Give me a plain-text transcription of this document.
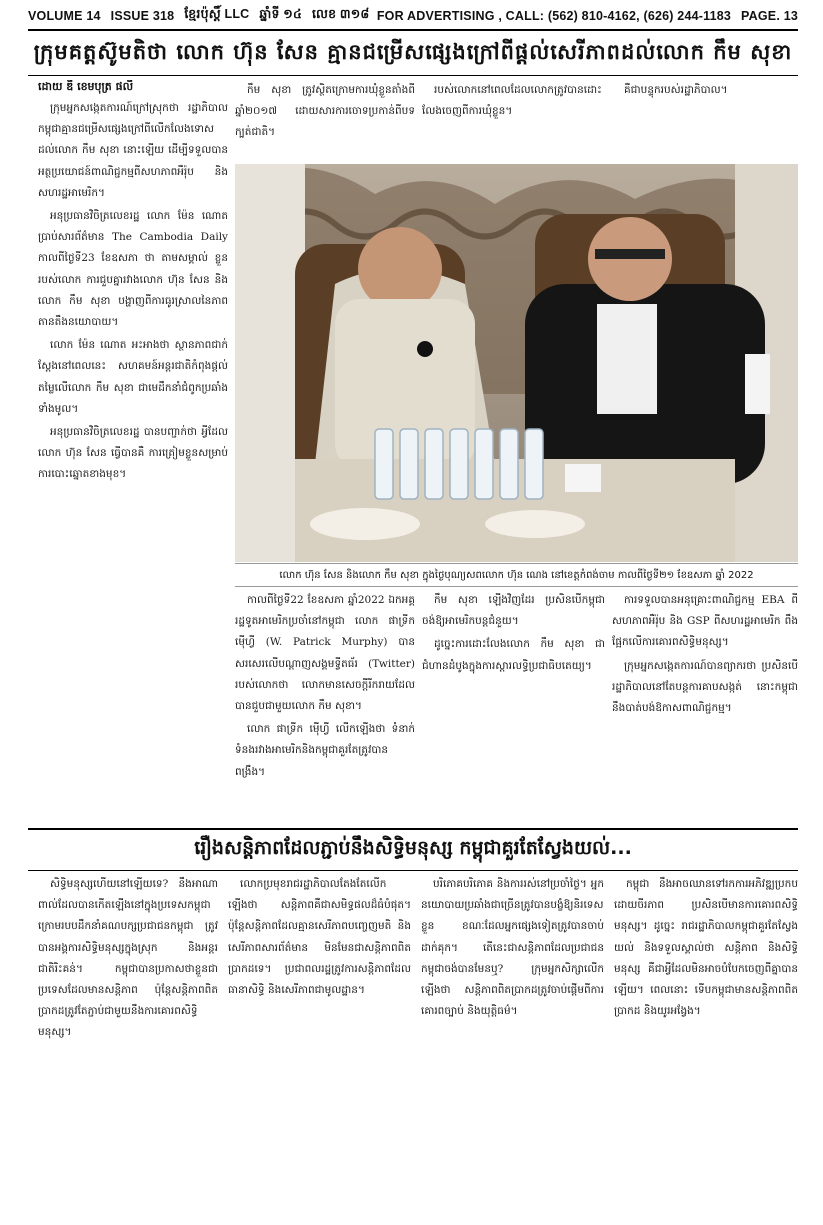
VOLUME 14 ISSUE 318 ខ្មែរប៉ុស្ដិ៍ LLC ឆ្នាំទី ១៤ លេខ ៣១៨ FOR ADVERTISING , CALL: (562) 810-4162, (626) 244-1183 PAGE. 13
ក្រុមគត្តស៊ូមតិថា លោក ហ៊ុន សែន គ្មានជម្រើសផ្សេងក្រៅពីផ្ដល់សេរីភាពដល់លោក កឹម សុខា
ដោយ ឌី ខេមបុត្រ ផលី

ក្រុមអ្នកសង្កេតការណ៍ក្រៅស្រុកថា រដ្ឋាភិបាលកម្ពុជាគ្មានជម្រើសផ្សេងក្រៅពីលើកលែងទោសដល់លោក កឹម សុខា នោះឡើយ ដើម្បីទទួលបានអត្ថប្រយោជន៍ពាណិជ្ជកម្មពីសហភាពអឺរ៉ុប និងសហរដ្ឋអាមេរិក។

អនុប្រធានវិចិត្រលេខរដ្ឋ លោក ម៉ែន ណោត ប្រាប់សារព័ត៌មាន The Cambodia Daily កាលពីថ្ងៃទី23 ខែឧសភា ថា តាមសម្គាល់ ខ្លួនរបស់លោក ការជួបគ្នារវាងលោក ហ៊ុន សែន និងលោក កឹម សុខា បង្ហាញពីការធូរស្រាលនៃភាពតានតឹងនយោបាយ។

លោក ម៉ែន ណោត អះអាងថា ស្ថានភាពជាក់ស្ដែងនៅពេលនេះ សហគមន៍អន្តរជាតិកំពុងផ្ដល់តម្លៃលើលោក កឹម សុខា ជាមេដឹកនាំជំពូកប្រឆាំងទាំងមូល។

អនុប្រធានវិចិត្រលេខរដ្ឋ បានបញ្ជាក់ថា អ្វីដែលលោក ហ៊ុន សែន ធ្វើបានគឺ ការត្រៀមខ្លួនសម្រាប់ការបោះឆ្នោតខាងមុខ។

កឹម សុខា ត្រូវស្ថិតក្រោមការឃុំខ្លួនតាំងពីឆ្នាំ២០១៧ ដោយសារការចោទប្រកាន់ពីបទក្បត់ជាតិ។

របស់លោកនៅពេលដែលលោកត្រូវបានដោះលែងចេញពីការឃុំខ្លួន។

គឺជាបន្ទុករបស់រដ្ឋាភិបាល។

លោក ហ៊ុន សែន និងលោក កឹម សុខា ក្នុងថ្ងៃបុណ្យសពលោក ហ៊ុន ណេង នៅខេត្តកំពង់ចាម កាលពីថ្ងៃទី២១ ខែឧសភា ឆ្នាំ 2022

កាលពីថ្ងៃទី22 ខែឧសភា ឆ្នាំ2022 ឯកអគ្គរដ្ឋទូតអាមេរិកប្រចាំនៅកម្ពុជា លោក ផាទ្រីក ម៉ើហ្វី (W. Patrick Murphy) បានសរសេរលើបណ្ដាញសង្គមទ្វីតធ័រ (Twitter) របស់លោកថា លោកមានសេចក្ដីរីករាយដែលបានជួបជាមួយលោក កឹម សុខា។

លោក ផាទ្រីក ម៉ើហ្វី លើកឡើងថា ទំនាក់ទំនងរវាងអាមេរិកនិងកម្ពុជាគួរតែត្រូវបានពង្រឹង។

កឹម សុខា ឡើងវិញដែរ ប្រសិនបើកម្ពុជាចង់ឱ្យអាមេរិកបន្តជំនួយ។

ដូច្នេះការដោះលែងលោក កឹម សុខា ជាជំហានដំបូងក្នុងការស្ដារលទ្ធិប្រជាធិបតេយ្យ។

ការទទួលបានអនុគ្រោះពាណិជ្ជកម្ម EBA ពីសហភាពអឺរ៉ុប និង GSP ពីសហរដ្ឋអាមេរិក ពឹងផ្អែកលើការគោរពសិទ្ធិមនុស្ស។

ក្រុមអ្នកសង្កេតការណ៍បានព្យាករថា ប្រសិនបើរដ្ឋាភិបាលនៅតែបន្តការគាបសង្កត់ នោះកម្ពុជានឹងបាត់បង់ឱកាសពាណិជ្ជកម្ម។

រឿងសន្តិភាពដែលភ្ជាប់នឹងសិទ្ធិមនុស្ស កម្ពុជាគួរតែស្វែងយល់...

សិទ្ធិមនុស្សហើយនៅឡើយទេ? នឹងអាណាពាល់ដែលបានកើតឡើងនៅក្នុងប្រទេសកម្ពុជា ក្រោមរបបដឹកនាំគណបក្សប្រជាជនកម្ពុជា ត្រូវបានអង្គការសិទ្ធិមនុស្សក្នុងស្រុក និងអន្តរជាតិរិះគន់។ កម្ពុជាបានប្រកាសថាខ្លួនជាប្រទេសដែលមានសន្តិភាព ប៉ុន្តែសន្តិភាពពិតប្រាកដត្រូវតែភ្ជាប់ជាមួយនឹងការគោរពសិទ្ធិមនុស្ស។

លោកប្រមុខរាជរដ្ឋាភិបាលតែងតែលើកឡើងថា សន្តិភាពគឺជាសមិទ្ធផលដ៏ធំបំផុត។ ប៉ុន្តែសន្តិភាពដែលគ្មានសេរីភាពបញ្ចេញមតិ និងសេរីភាពសារព័ត៌មាន មិនមែនជាសន្តិភាពពិតប្រាកដទេ។ ប្រជាពលរដ្ឋត្រូវការសន្តិភាពដែលធានាសិទ្ធិ និងសេរីភាពជាមូលដ្ឋាន។

បរិភោគបរិភោគ និងការរស់នៅប្រចាំថ្ងៃ។ អ្នកនយោបាយប្រឆាំងជាច្រើនត្រូវបានបង្ខំឱ្យនិរទេសខ្លួន ខណៈដែលអ្នកផ្សេងទៀតត្រូវបានចាប់ដាក់គុក។ តើនេះជាសន្តិភាពដែលប្រជាជនកម្ពុជាចង់បានមែនឬ? ក្រុមអ្នកសិក្សាលើកឡើងថា សន្តិភាពពិតប្រាកដត្រូវចាប់ផ្ដើមពីការគោរពច្បាប់ និងយុត្តិធម៌។

កម្ពុជា នឹងអាចឈានទៅរកការអភិវឌ្ឍប្រកបដោយចីរភាព ប្រសិនបើមានការគោរពសិទ្ធិមនុស្ស។ ដូច្នេះ រាជរដ្ឋាភិបាលកម្ពុជាគួរតែស្វែងយល់ និងទទួលស្គាល់ថា សន្តិភាព និងសិទ្ធិមនុស្ស គឺជាអ្វីដែលមិនអាចបំបែកចេញពីគ្នាបានឡើយ។ ពេលនោះ ទើបកម្ពុជាមានសន្តិភាពពិតប្រាកដ និងយូរអង្វែង។
